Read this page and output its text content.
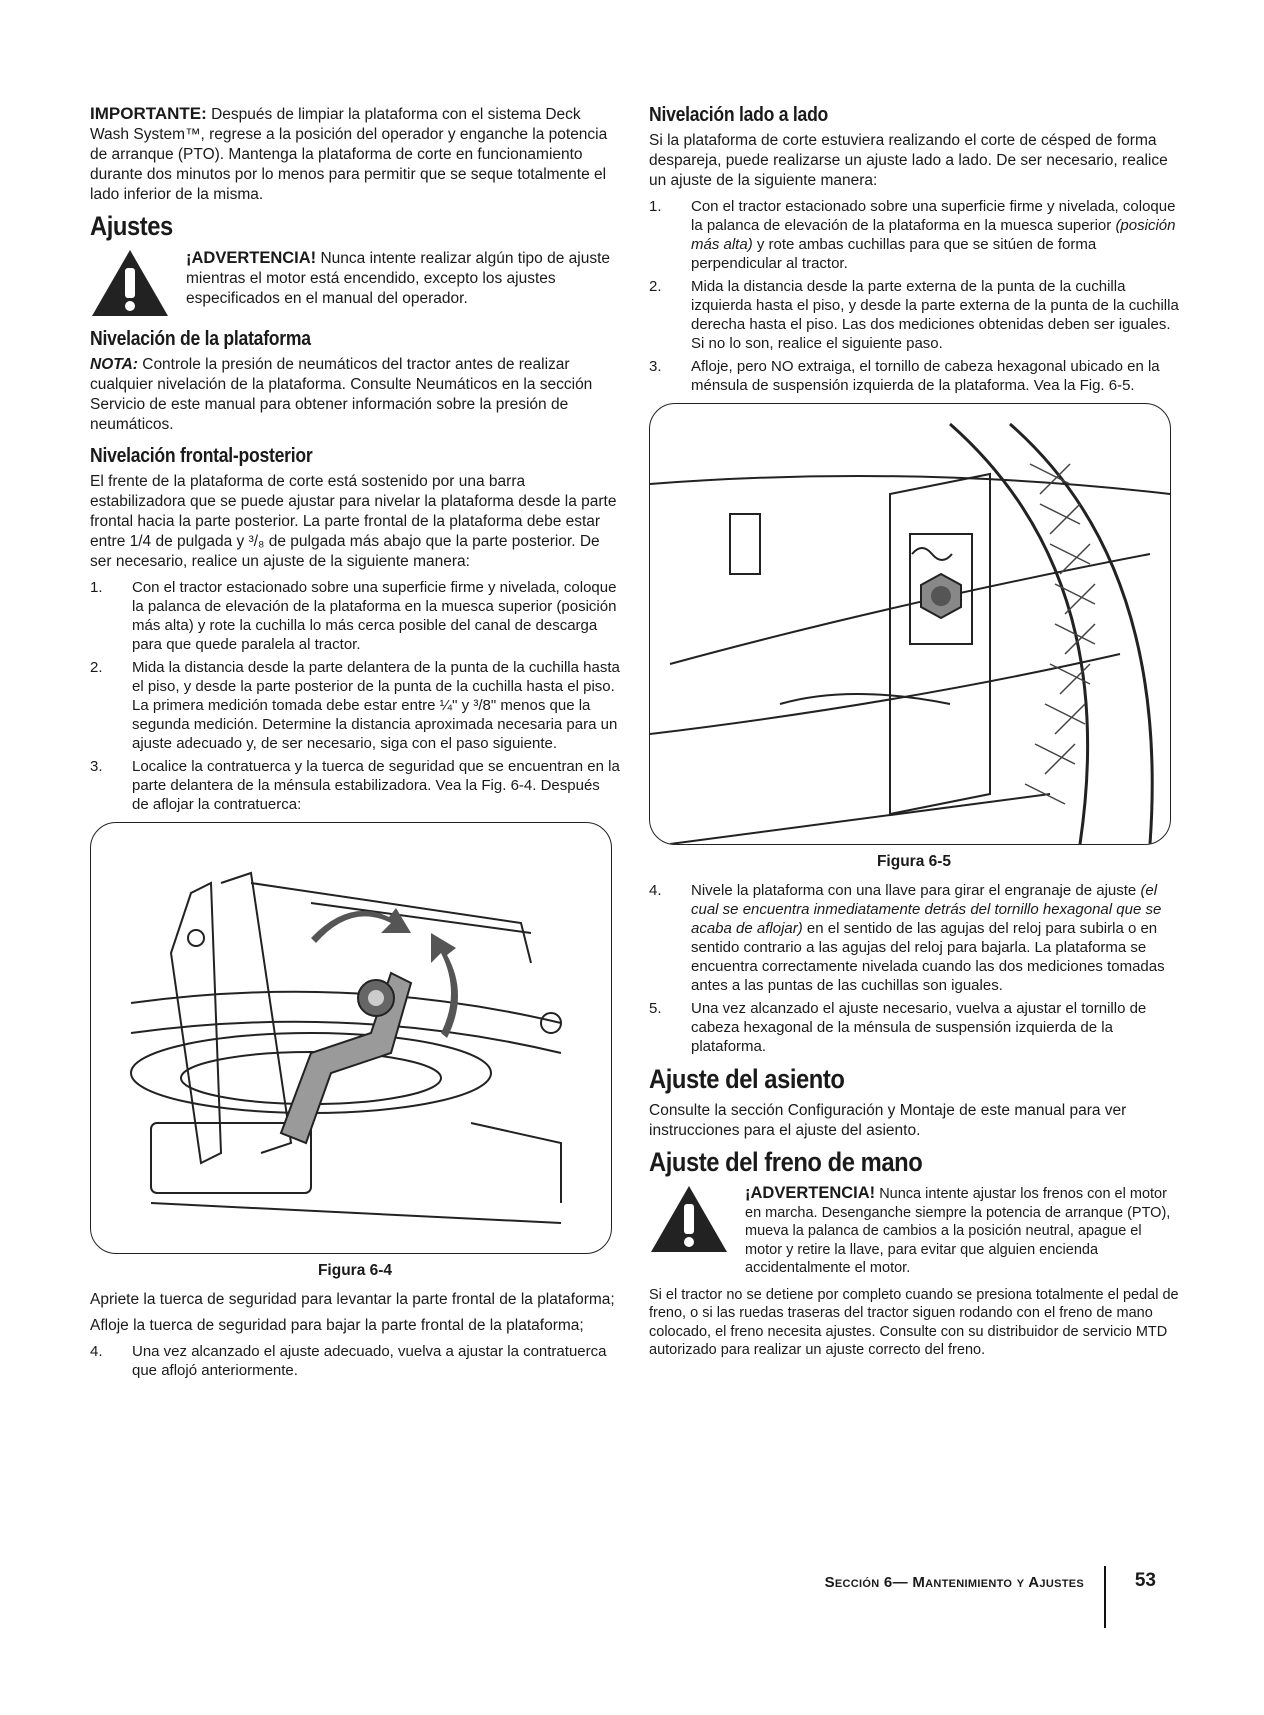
IMPORTANTE: Después de limpiar la plataforma con el sistema Deck Wash System™, regrese a la posición del operador y enganche la potencia de arranque (PTO). Mantenga la plataforma de corte en funcionamiento durante dos minutos por lo menos para permitir que se seque totalmente el lado inferior de la misma.

Ajustes
¡ADVERTENCIA! Nunca intente realizar algún tipo de ajuste mientras el motor está encendido, excepto los ajustes especificados en el manual del operador.
Nivelación de la plataforma

NOTA: Controle la presión de neumáticos del tractor antes de realizar cualquier nivelación de la plataforma. Consulte Neumáticos en la sección Servicio de este manual para obtener información sobre la presión de neumáticos.

Nivelación frontal-posterior

El frente de la plataforma de corte está sostenido por una barra estabilizadora que se puede ajustar para nivelar la plataforma desde la parte frontal hacia la parte posterior. La parte frontal de la plataforma debe estar entre 1/4 de pulgada y ³/₈ de pulgada más abajo que la parte posterior. De ser necesario, realice un ajuste de la siguiente manera:

1.	Con el tractor estacionado sobre una superficie firme y nivelada, coloque la palanca de elevación de la plataforma en la muesca superior (posición más alta) y rote la cuchilla lo más cerca posible del canal de descarga para que quede paralela al tractor.
2.	Mida la distancia desde la parte delantera de la punta de la cuchilla hasta el piso, y desde la parte posterior de la punta de la cuchilla hasta el piso. La primera medición tomada debe estar entre ¼" y ³/8" menos que la segunda medición. Determine la distancia aproximada necesaria para un ajuste adecuado y, de ser necesario, siga con el paso siguiente.
3.	Localice la contratuerca y la tuerca de seguridad que se encuentran en la parte delantera de la ménsula estabilizadora. Vea la Fig. 6-4. Después de aflojar la contratuerca:
Figura 6-4

Apriete la tuerca de seguridad para levantar la parte frontal de la plataforma;

Afloje la tuerca de seguridad para bajar la parte frontal de la plataforma;

4.	Una vez alcanzado el ajuste adecuado, vuelva a ajustar la contratuerca que aflojó anteriormente.
Nivelación lado a lado

Si la plataforma de corte estuviera realizando el corte de césped de forma despareja, puede realizarse un ajuste lado a lado. De ser necesario, realice un ajuste de la siguiente manera:

1.	Con el tractor estacionado sobre una superficie firme y nivelada, coloque la palanca de elevación de la plataforma en la muesca superior (posición más alta) y rote ambas cuchillas para que se sitúen de forma perpendicular al tractor.
2.	Mida la distancia desde la parte externa de la punta de la cuchilla izquierda hasta el piso, y desde la parte externa de la punta de la cuchilla derecha hasta el piso. Las dos mediciones obtenidas deben ser iguales. Si no lo son, realice el siguiente paso.
3.	Afloje, pero NO extraiga, el tornillo de cabeza hexagonal ubicado en la ménsula de suspensión izquierda de la plataforma. Vea la Fig. 6-5.
Figura 6-5
4.	Nivele la plataforma con una llave para girar el engranaje de ajuste (el cual se encuentra inmediatamente detrás del tornillo hexagonal que se acaba de aflojar) en el sentido de las agujas del reloj para subirla o en sentido contrario a las agujas del reloj para bajarla. La plataforma se encuentra correctamente nivelada cuando las dos mediciones tomadas antes a las puntas de las cuchillas son iguales.
5.	Una vez alcanzado el ajuste necesario, vuelva a ajustar el tornillo de cabeza hexagonal de la ménsula de suspensión izquierda de la plataforma.
Ajuste del asiento

Consulte la sección Configuración y Montaje de este manual para ver instrucciones para el ajuste del asiento.

Ajuste del freno de mano
¡ADVERTENCIA! Nunca intente ajustar los frenos con el motor en marcha. Desenganche siempre la potencia de arranque (PTO), mueva la palanca de cambios a la posición neutral, apague el motor y retire la llave, para evitar que alguien encienda accidentalmente el motor.

Si el tractor no se detiene por completo cuando se presiona totalmente el pedal de freno, o si las ruedas traseras del tractor siguen rodando con el freno de mano colocado, el freno necesita ajustes. Consulte con su distribuidor de servicio MTD autorizado para realizar un ajuste correcto del freno.

Sección 6— Mantenimiento y Ajustes	53
